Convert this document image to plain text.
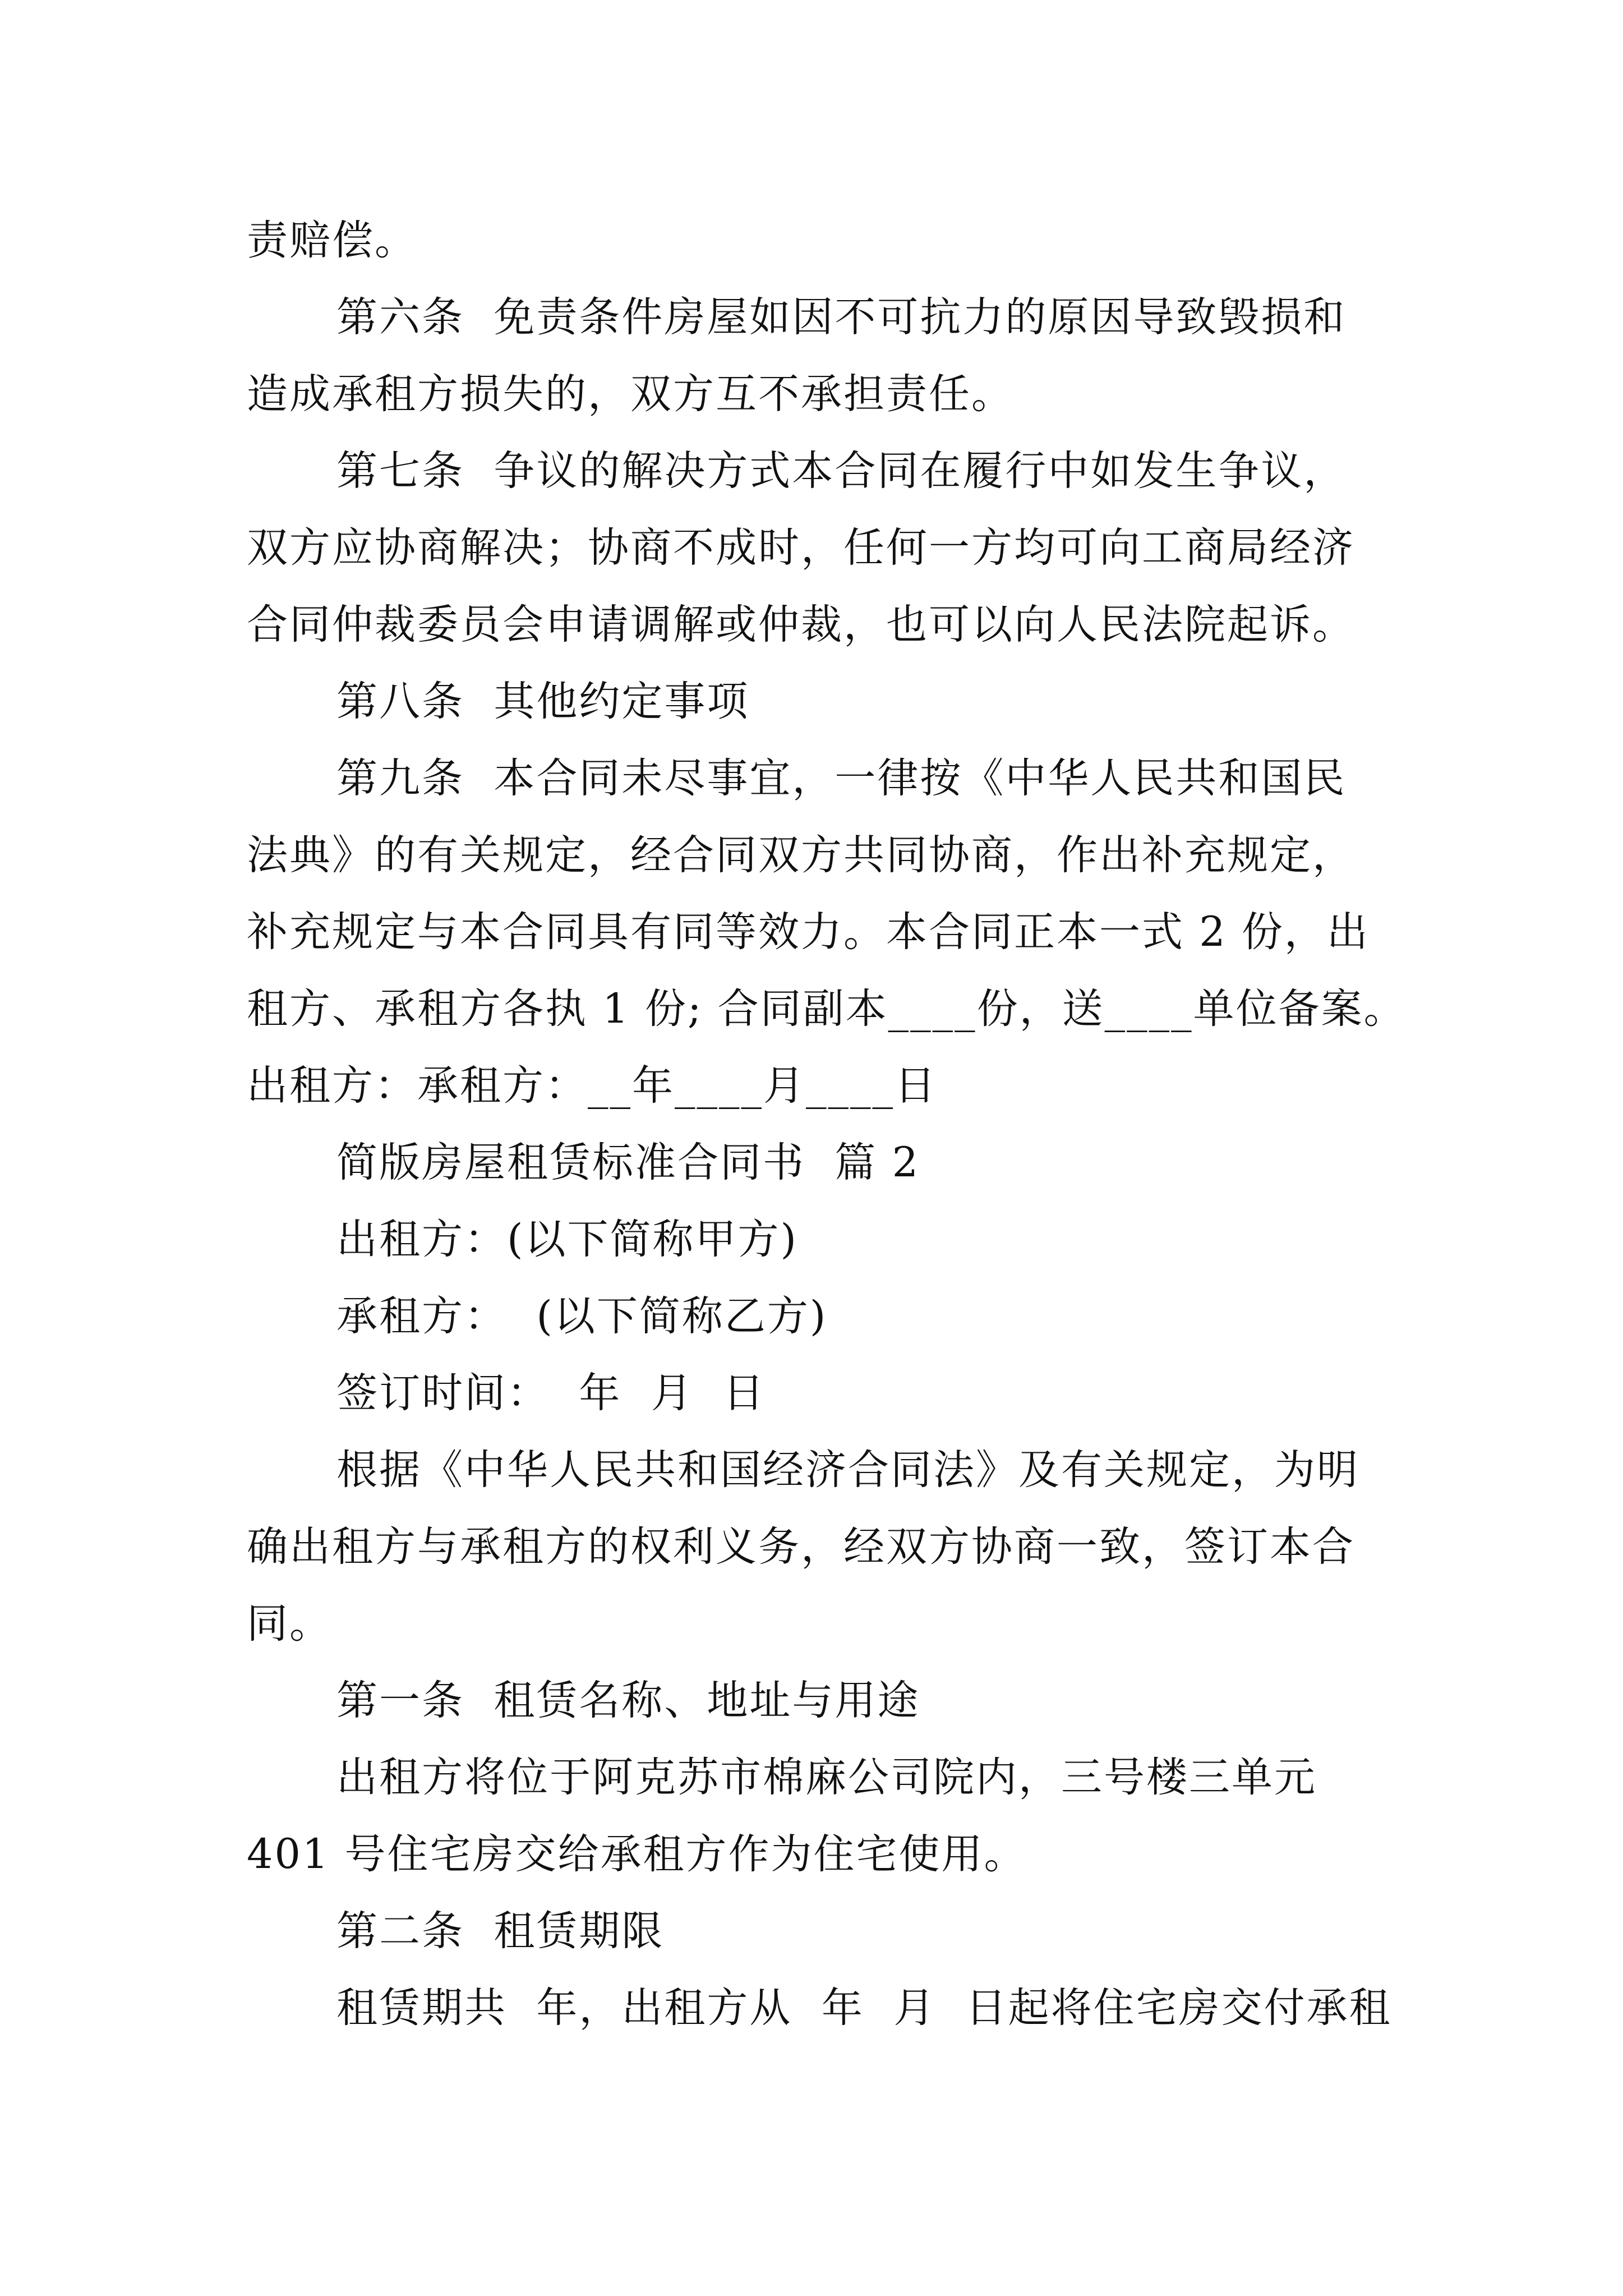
责赔偿。
第六条  免责条件房屋如因不可抗力的原因导致毁损和
造成承租方损失的，双方互不承担责任。
第七条  争议的解决方式本合同在履行中如发生争议，
双方应协商解决；协商不成时，任何一方均可向工商局经济
合同仲裁委员会申请调解或仲裁，也可以向人民法院起诉。
第八条  其他约定事项
第九条  本合同未尽事宜，一律按《中华人民共和国民
法典》的有关规定，经合同双方共同协商，作出补充规定，
补充规定与本合同具有同等效力。本合同正本一式 2 份，出
租方、承租方各执 1 份; 合同副本____份，送____单位备案。
出租方：承租方：__年____月____日
简版房屋租赁标准合同书  篇 2
出租方：(以下简称甲方)
承租方：  (以下简称乙方)
签订时间：  年  月  日
根据《中华人民共和国经济合同法》及有关规定，为明
确出租方与承租方的权利义务，经双方协商一致，签订本合
同。
第一条  租赁名称、地址与用途
出租方将位于阿克苏市棉麻公司院内，三号楼三单元
401 号住宅房交给承租方作为住宅使用。
第二条  租赁期限
租赁期共  年，出租方从  年  月  日起将住宅房交付承租
